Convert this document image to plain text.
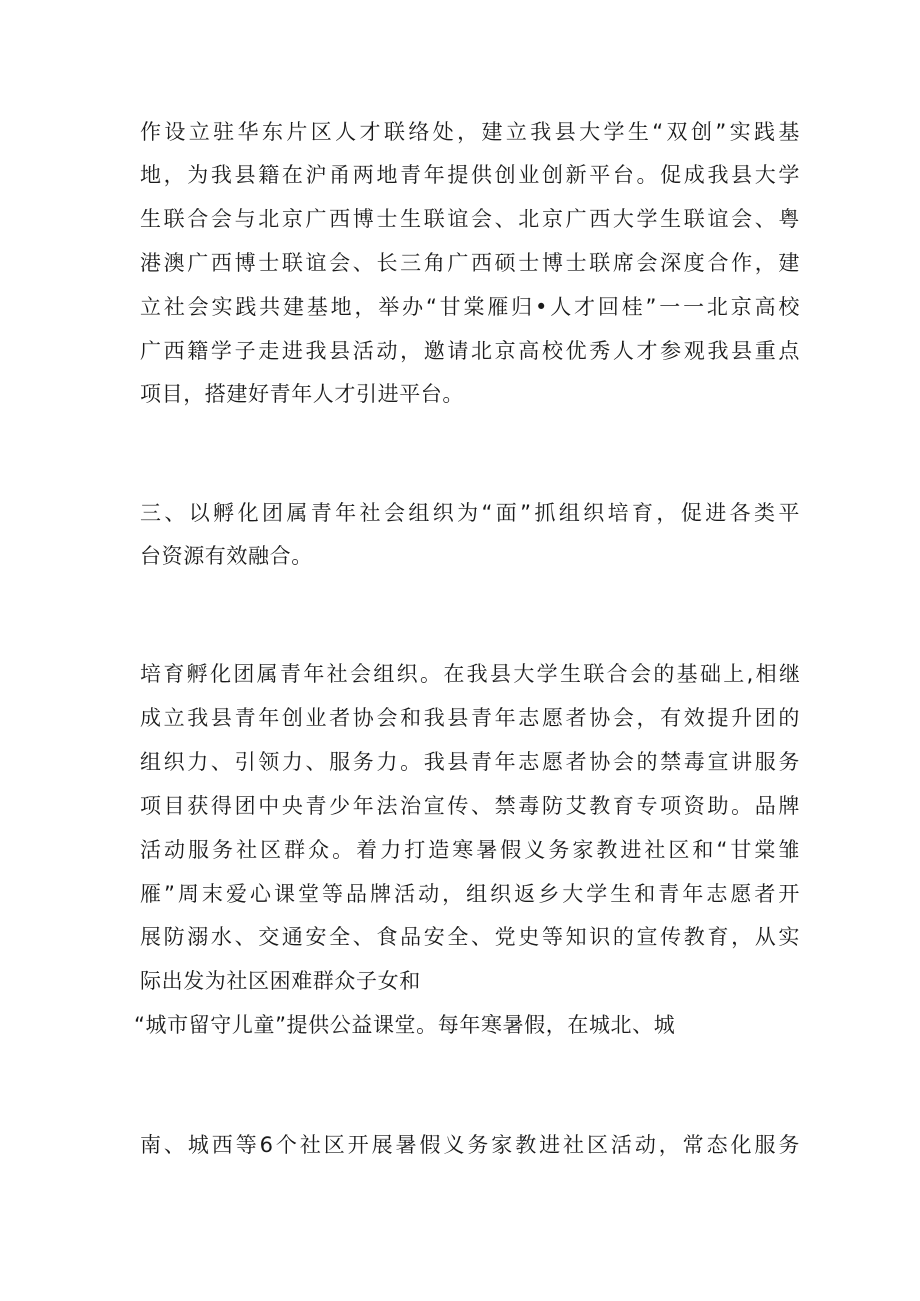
作设立驻华东片区人才联络处，建立我县大学生“双创”实践基
地，为我县籍在沪甬两地青年提供创业创新平台。促成我县大学
生联合会与北京广西博士生联谊会、北京广西大学生联谊会、粤
港澳广西博士联谊会、长三角广西硕士博士联席会深度合作，建
立社会实践共建基地，举办“甘棠雁归•人才回桂”一一北京高校
广西籍学子走进我县活动，邀请北京高校优秀人才参观我县重点
项目，搭建好青年人才引进平台。
三、以孵化团属青年社会组织为“面”抓组织培育，促进各类平
台资源有效融合。
培育孵化团属青年社会组织。在我县大学生联合会的基础上,相继
成立我县青年创业者协会和我县青年志愿者协会，有效提升团的
组织力、引领力、服务力。我县青年志愿者协会的禁毒宣讲服务
项目获得团中央青少年法治宣传、禁毒防艾教育专项资助。品牌
活动服务社区群众。着力打造寒暑假义务家教进社区和“甘棠雏
雁”周末爱心课堂等品牌活动，组织返乡大学生和青年志愿者开
展防溺水、交通安全、食品安全、党史等知识的宣传教育，从实
际出发为社区困难群众子女和
“城市留守儿童”提供公益课堂。每年寒暑假，在城北、城
南、城西等6个社区开展暑假义务家教进社区活动，常态化服务
